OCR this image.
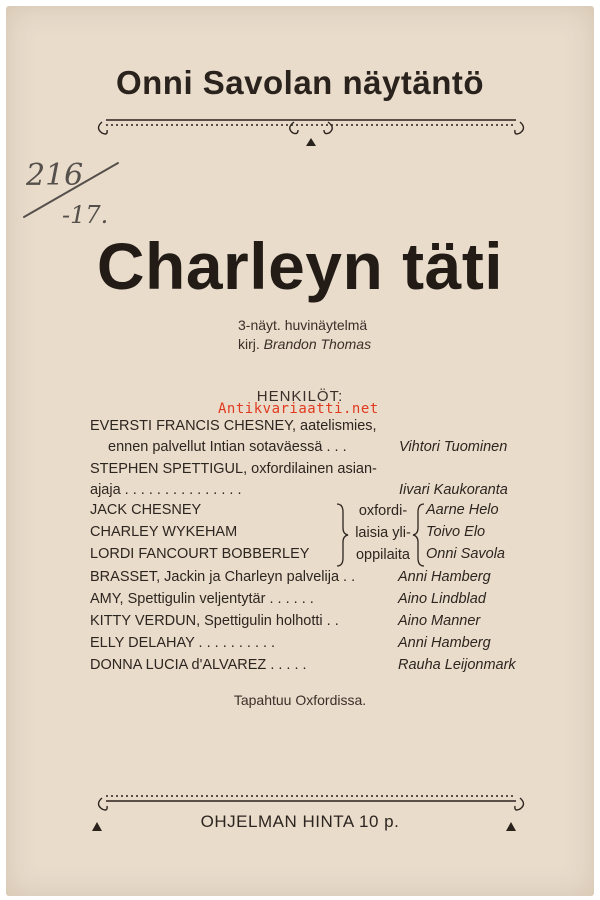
Onni Savolan näytäntö
216
-17.
Charleyn täti
3-näyt. huvinäytelmä
kirj. Brandon Thomas
HENKILÖT:
Antikvariaatti.net
EVERSTI FRANCIS CHESNEY, aatelismies,
ennen palvellut Intian sotaväessä . . .	Vihtori Tuominen
STEPHEN SPETTIGUL, oxfordilainen asian-
ajaja . . . . . . . . . . . . . . .	Iivari Kaukoranta
JACK CHESNEY	Aarne Helo
CHARLEY WYKEHAM	Toivo Elo
LORDI FANCOURT BOBBERLEY	Onni Savola
oxfordi-
laisia yli-
oppilaita
BRASSET, Jackin ja Charleyn palvelija . .	Anni Hamberg
AMY, Spettigulin veljentytär . . . . . .	Aino Lindblad
KITTY VERDUN, Spettigulin holhotti . .	Aino Manner
ELLY DELAHAY . . . . . . . . . .	Anni Hamberg
DONNA LUCIA d'ALVAREZ . . . . .	Rauha Leijonmark
Tapahtuu Oxfordissa.
OHJELMAN HINTA 10 p.
